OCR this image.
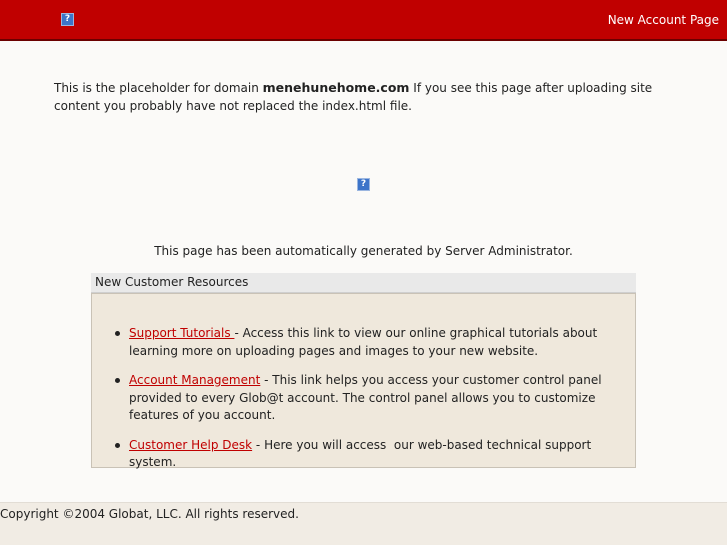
?	New Account Page
This is the placeholder for domain menehunehome.com If you see this page after uploading site content you probably have not replaced the index.html file.
?
This page has been automatically generated by Server Administrator.
New Customer Resources
Support Tutorials - Access this link to view our online graphical tutorials about learning more on uploading pages and images to your new website.
Account Management - This link helps you access your customer control panel provided to every Glob@t account. The control panel allows you to customize features of you account.
Customer Help Desk - Here you will access  our web-based technical support system.
Copyright ©2004 Globat, LLC. All rights reserved.
